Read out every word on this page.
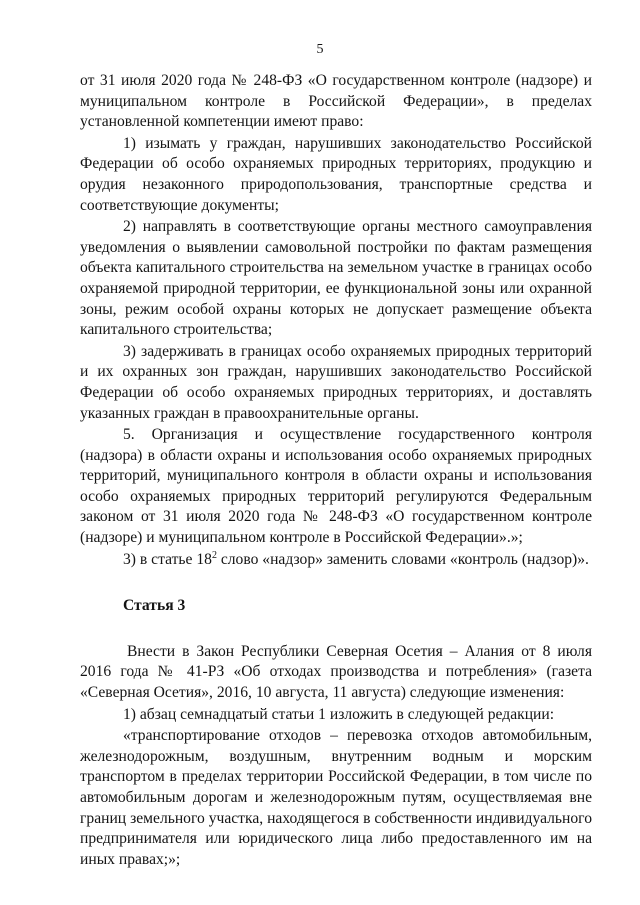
5

от 31 июля 2020 года № 248-ФЗ «О государственном контроле (надзоре) и муниципальном контроле в Российской Федерации», в пределах установленной компетенции имеют право:

1) изымать у граждан, нарушивших законодательство Российской Федерации об особо охраняемых природных территориях, продукцию и орудия незаконного природопользования, транспортные средства и соответствующие документы;

2) направлять в соответствующие органы местного самоуправления уведомления о выявлении самовольной постройки по фактам размещения объекта капитального строительства на земельном участке в границах особо охраняемой природной территории, ее функциональной зоны или охранной зоны, режим особой охраны которых не допускает размещение объекта капитального строительства;

3) задерживать в границах особо охраняемых природных территорий и их охранных зон граждан, нарушивших законодательство Российской Федерации об особо охраняемых природных территориях, и доставлять указанных граждан в правоохранительные органы.

5. Организация и осуществление государственного контроля (надзора) в области охраны и использования особо охраняемых природных территорий, муниципального контроля в области охраны и использования особо охраняемых природных территорий регулируются Федеральным законом от 31 июля 2020 года № 248-ФЗ «О государственном контроле (надзоре) и муниципальном контроле в Российской Федерации».»;

3) в статье $18^2$ слово «надзор» заменить словами «контроль (надзор)».

Статья 3

Внести в Закон Республики Северная Осетия – Алания от 8 июля 2016 года № 41-РЗ «Об отходах производства и потребления» (газета «Северная Осетия», 2016, 10 августа, 11 августа) следующие изменения:

1) абзац семнадцатый статьи 1 изложить в следующей редакции:

«транспортирование отходов – перевозка отходов автомобильным, железнодорожным, воздушным, внутренним водным и морским транспортом в пределах территории Российской Федерации, в том числе по автомобильным дорогам и железнодорожным путям, осуществляемая вне границ земельного участка, находящегося в собственности индивидуального предпринимателя или юридического лица либо предоставленного им на иных правах;»;
